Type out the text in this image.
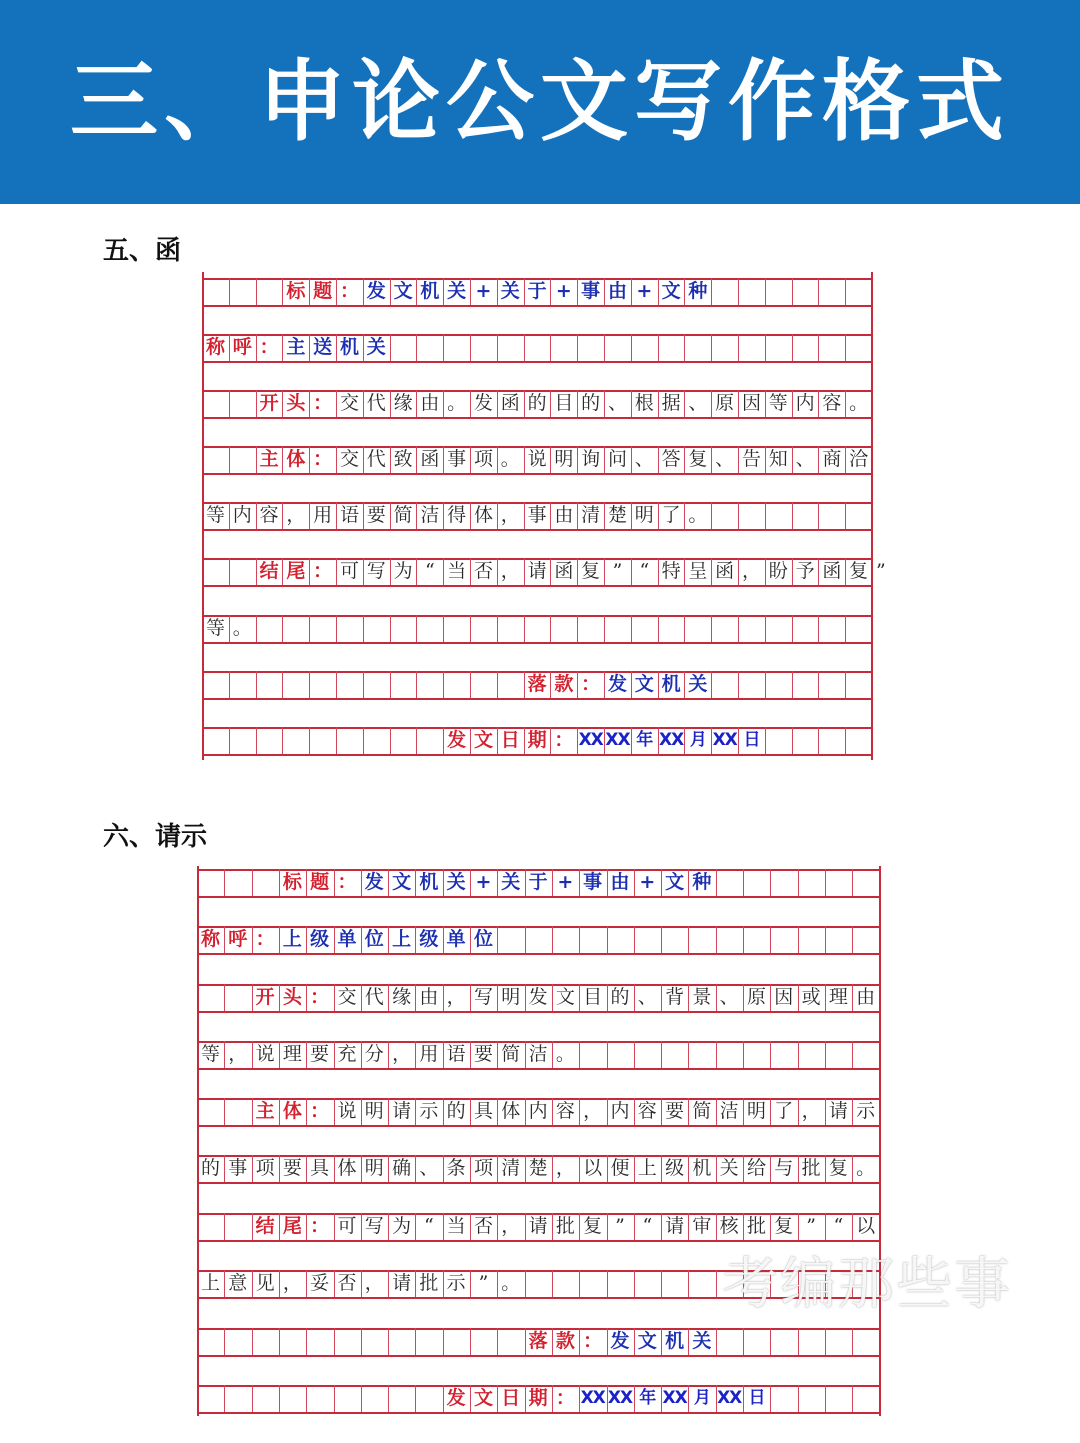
三、申论公文写作格式
五、函
标 题 ： 发 文 机 关 + 关 于 + 事 由 + 文 种
称 呼 ： 主 送 机 关
开 头 ： 交 代 缘 由 。 发 函 的 目 的 、 根 据 、 原 因 等 内 容 。
主 体 ： 交 代 致 函 事 项 。 说 明 询 问 、 答 复 、 告 知 、 商 洽
等 内 容 ， 用 语 要 简 洁 得 体 ， 事 由 清 楚 明 了 。
结 尾 ： 可 写 为 “ 当 否 ， 请 函 复 ” “ 特 呈 函 ， 盼 予 函 复 ”
等 。
落 款 ： 发 文 机 关
发 文 日 期 ： XX XX 年 XX 月 XX 日
六、请示
标 题 ： 发 文 机 关 + 关 于 + 事 由 + 文 种
称 呼 ： 上 级 单 位 上 级 单 位
开 头 ： 交 代 缘 由 ， 写 明 发 文 目 的 、 背 景 、 原 因 或 理 由
等 ， 说 理 要 充 分 ， 用 语 要 简 洁 。
主 体 ： 说 明 请 示 的 具 体 内 容 ， 内 容 要 简 洁 明 了 ， 请 示
的 事 项 要 具 体 明 确 、 条 项 清 楚 ， 以 便 上 级 机 关 给 与 批 复 。
结 尾 ： 可 写 为 “ 当 否 ， 请 批 复 ” “ 请 审 核 批 复 ” “ 以
上 意 见 ， 妥 否 ， 请 批 示 ” 。
落 款 ： 发 文 机 关
发 文 日 期 ： XX XX 年 XX 月 XX 日
考编那些事
